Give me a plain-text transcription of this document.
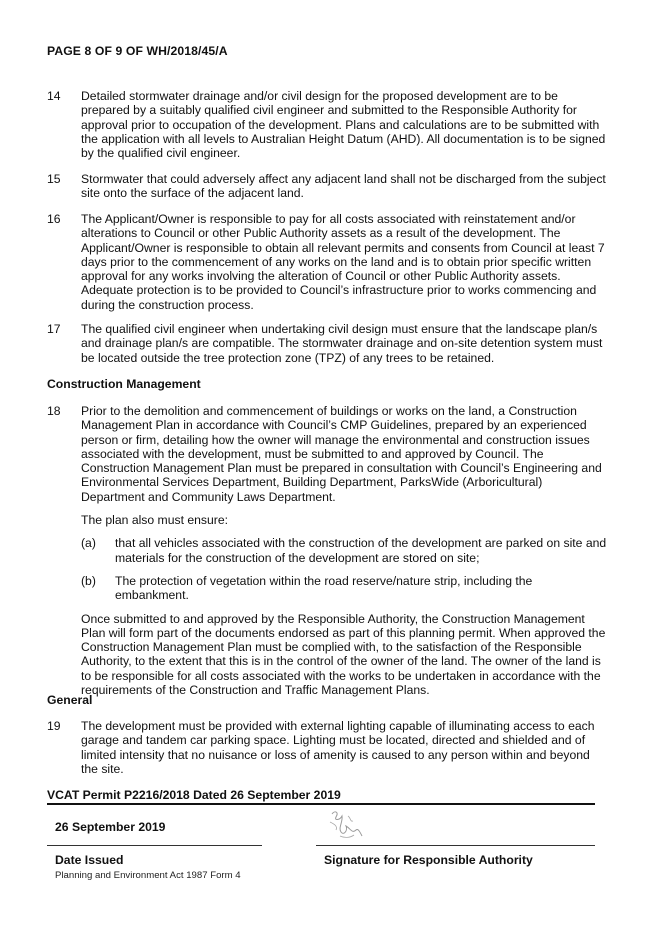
PAGE 8 OF 9 OF WH/2018/45/A
14 Detailed stormwater drainage and/or civil design for the proposed development are to be prepared by a suitably qualified civil engineer and submitted to the Responsible Authority for approval prior to occupation of the development. Plans and calculations are to be submitted with the application with all levels to Australian Height Datum (AHD). All documentation is to be signed by the qualified civil engineer.

15 Stormwater that could adversely affect any adjacent land shall not be discharged from the subject site onto the surface of the adjacent land.

16 The Applicant/Owner is responsible to pay for all costs associated with reinstatement and/or alterations to Council or other Public Authority assets as a result of the development. The Applicant/Owner is responsible to obtain all relevant permits and consents from Council at least 7 days prior to the commencement of any works on the land and is to obtain prior specific written approval for any works involving the alteration of Council or other Public Authority assets. Adequate protection is to be provided to Council’s infrastructure prior to works commencing and during the construction process.

17 The qualified civil engineer when undertaking civil design must ensure that the landscape plan/s and drainage plan/s are compatible. The stormwater drainage and on-site detention system must be located outside the tree protection zone (TPZ) of any trees to be retained.

Construction Management
18 Prior to the demolition and commencement of buildings or works on the land, a Construction Management Plan in accordance with Council’s CMP Guidelines, prepared by an experienced person or firm, detailing how the owner will manage the environmental and construction issues associated with the development, must be submitted to and approved by Council. The Construction Management Plan must be prepared in consultation with Council’s Engineering and Environmental Services Department, Building Department, ParksWide (Arboricultural) Department and Community Laws Department.

The plan also must ensure:

(a) that all vehicles associated with the construction of the development are parked on site and materials for the construction of the development are stored on site;

(b) The protection of vegetation within the road reserve/nature strip, including the embankment.

Once submitted to and approved by the Responsible Authority, the Construction Management Plan will form part of the documents endorsed as part of this planning permit. When approved the Construction Management Plan must be complied with, to the satisfaction of the Responsible Authority, to the extent that this is in the control of the owner of the land. The owner of the land is to be responsible for all costs associated with the works to be undertaken in accordance with the requirements of the Construction and Traffic Management Plans.

General
19 The development must be provided with external lighting capable of illuminating access to each garage and tandem car parking space. Lighting must be located, directed and shielded and of limited intensity that no nuisance or loss of amenity is caused to any person within and beyond the site.

VCAT Permit P2216/2018 Dated 26 September 2019
26 September 2019
Date Issued
Planning and Environment Act 1987 Form 4
Signature for Responsible Authority
